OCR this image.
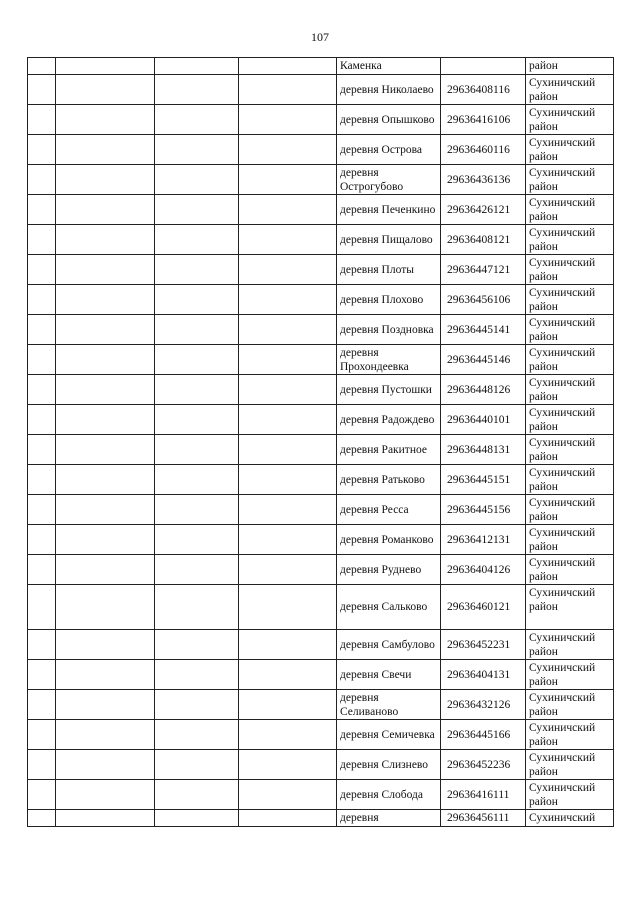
107
				Каменка		район
				деревня Николаево	29636408116	Сухиничский район
				деревня Опышково	29636416106	Сухиничский район
				деревня Острова	29636460116	Сухиничский район
				деревня Острогубово	29636436136	Сухиничский район
				деревня Печенкино	29636426121	Сухиничский район
				деревня Пищалово	29636408121	Сухиничский район
				деревня Плоты	29636447121	Сухиничский район
				деревня Плохово	29636456106	Сухиничский район
				деревня Поздновка	29636445141	Сухиничский район
				деревня Прохондеевка	29636445146	Сухиничский район
				деревня Пустошки	29636448126	Сухиничский район
				деревня Радождево	29636440101	Сухиничский район
				деревня Ракитное	29636448131	Сухиничский район
				деревня Ратьково	29636445151	Сухиничский район
				деревня Ресса	29636445156	Сухиничский район
				деревня Романково	29636412131	Сухиничский район
				деревня Руднево	29636404126	Сухиничский район
				деревня Сальково	29636460121	Сухиничский район
				деревня Самбулово	29636452231	Сухиничский район
				деревня Свечи	29636404131	Сухиничский район
				деревня Селиваново	29636432126	Сухиничский район
				деревня Семичевка	29636445166	Сухиничский район
				деревня Слизнево	29636452236	Сухиничский район
				деревня Слобода	29636416111	Сухиничский район
				деревня	29636456111	Сухиничский
